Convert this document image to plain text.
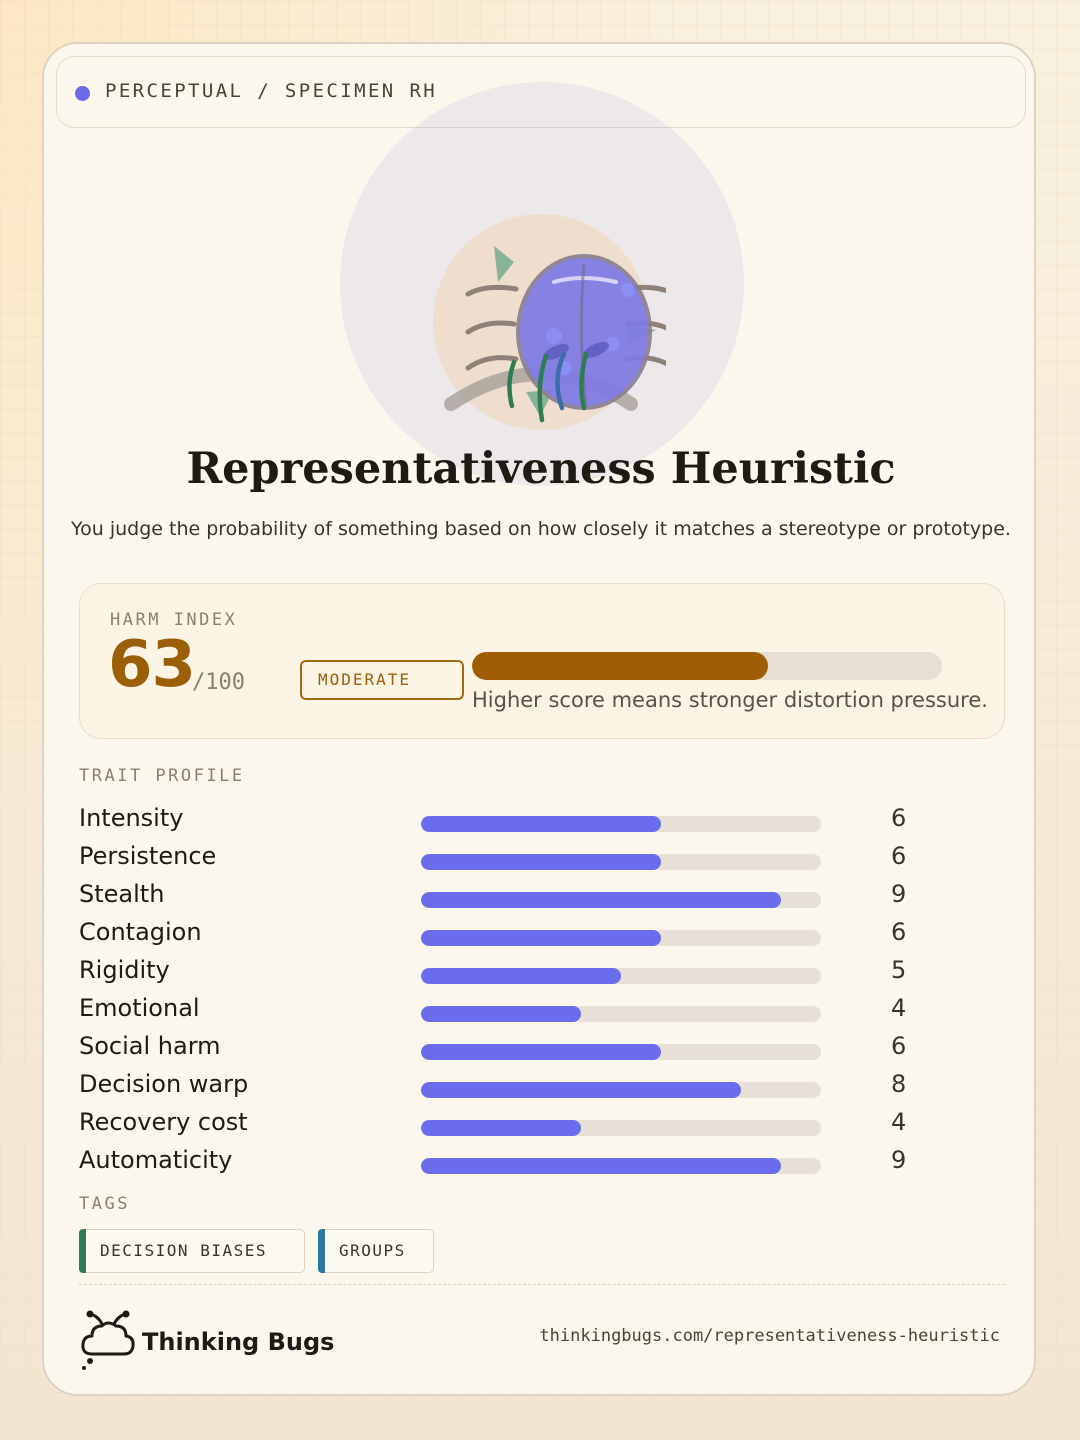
PERCEPTUAL / SPECIMEN RH
Representativeness Heuristic
You judge the probability of something based on how closely it matches a stereotype or prototype.
HARM INDEX
63
/100	MODERATE
Higher score means stronger distortion pressure.
TRAIT PROFILE
Intensity	6
Persistence	6
Stealth	9
Contagion	6
Rigidity	5
Emotional	4
Social harm	6
Decision warp	8
Recovery cost	4
Automaticity	9
TAGS
DECISION BIASES	GROUPS
Thinking Bugs	thinkingbugs.com/representativeness-heuristic
